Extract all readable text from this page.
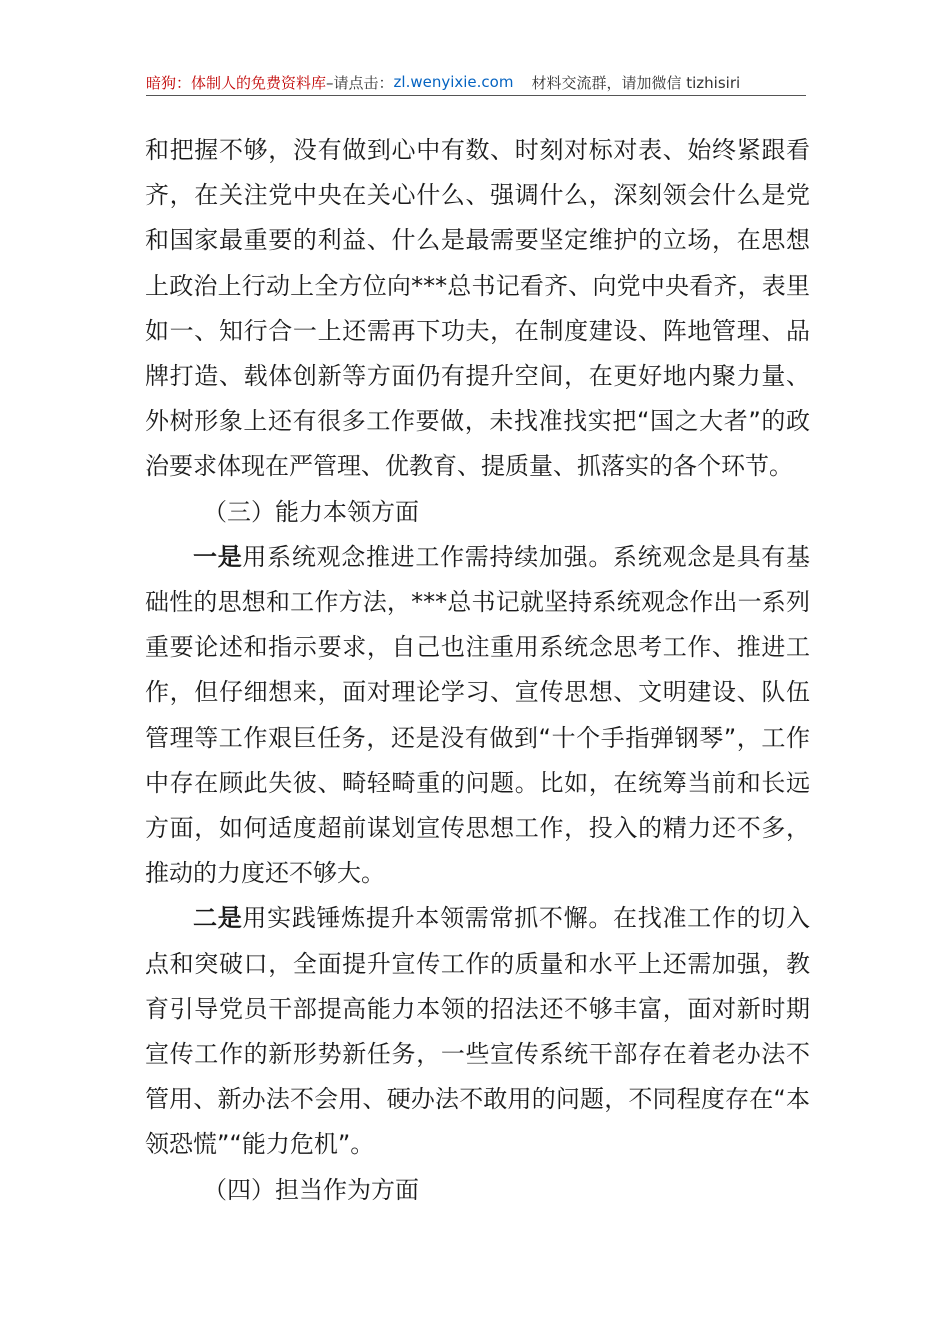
暗狗：体制人的免费资料库 –请点击： zl.wenyixie.com 材料交流群，请加微信 tizhisiri

和把握不够，没有做到心中有数、时刻对标对表、始终紧跟看齐，在关注党中央在关心什么、强调什么，深刻领会什么是党和国家最重要的利益、什么是最需要坚定维护的立场，在思想上政治上行动上全方位向***总书记看齐、向党中央看齐，表里如一、知行合一上还需再下功夫，在制度建设、阵地管理、品牌打造、载体创新等方面仍有提升空间，在更好地内聚力量、外树形象上还有很多工作要做，未找准找实把“国之大者”的政治要求体现在严管理、优教育、提质量、抓落实的各个环节。

（三）能力本领方面

一是用系统观念推进工作需持续加强。系统观念是具有基础性的思想和工作方法，***总书记就坚持系统观念作出一系列重要论述和指示要求，自己也注重用系统念思考工作、推进工作，但仔细想来，面对理论学习、宣传思想、文明建设、队伍管理等工作艰巨任务，还是没有做到“十个手指弹钢琴”，工作中存在顾此失彼、畸轻畸重的问题。比如，在统筹当前和长远方面，如何适度超前谋划宣传思想工作，投入的精力还不多，推动的力度还不够大。

二是用实践锤炼提升本领需常抓不懈。在找准工作的切入点和突破口，全面提升宣传工作的质量和水平上还需加强，教育引导党员干部提高能力本领的招法还不够丰富，面对新时期宣传工作的新形势新任务，一些宣传系统干部存在着老办法不管用、新办法不会用、硬办法不敢用的问题，不同程度存在“本领恐慌”“能力危机”。

（四）担当作为方面
